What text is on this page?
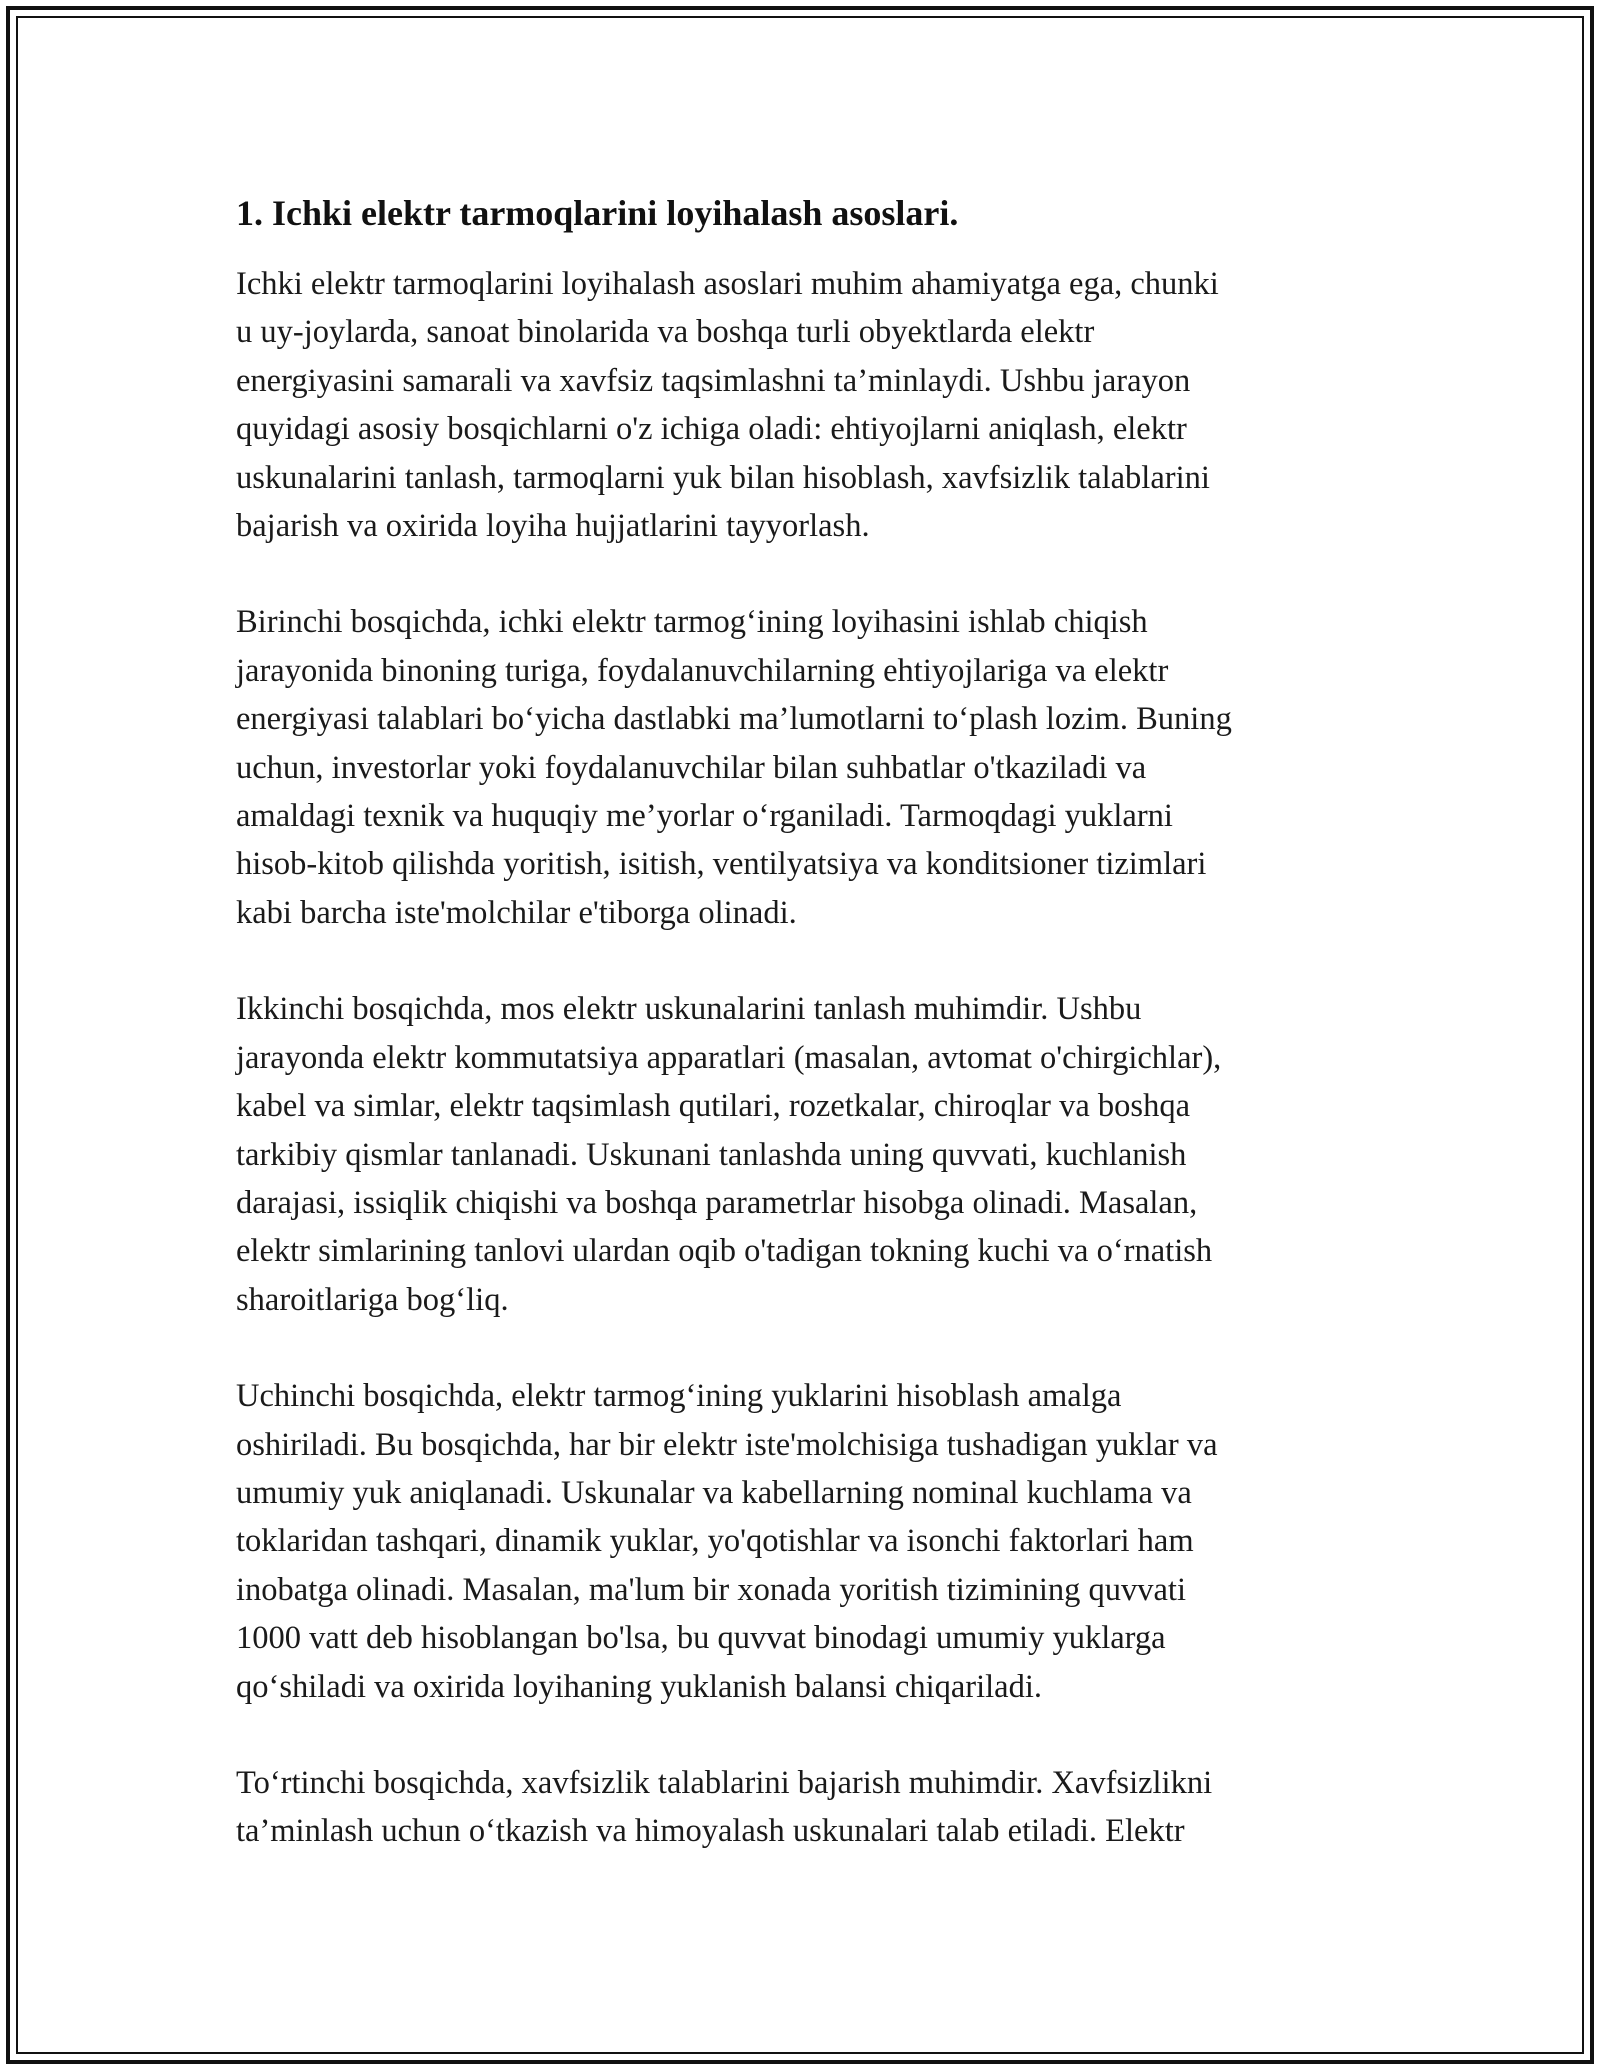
1. Ichki elektr tarmoqlarini loyihalash asoslari.

Ichki elektr tarmoqlarini loyihalash asoslari muhim ahamiyatga ega, chunki
u uy-joylarda, sanoat binolarida va boshqa turli obyektlarda elektr
energiyasini samarali va xavfsiz taqsimlashni ta’minlaydi. Ushbu jarayon
quyidagi asosiy bosqichlarni o'z ichiga oladi: ehtiyojlarni aniqlash, elektr
uskunalarini tanlash, tarmoqlarni yuk bilan hisoblash, xavfsizlik talablarini
bajarish va oxirida loyiha hujjatlarini tayyorlash.

Birinchi bosqichda, ichki elektr tarmog‘ining loyihasini ishlab chiqish
jarayonida binoning turiga, foydalanuvchilarning ehtiyojlariga va elektr
energiyasi talablari bo‘yicha dastlabki ma’lumotlarni to‘plash lozim. Buning
uchun, investorlar yoki foydalanuvchilar bilan suhbatlar o'tkaziladi va
amaldagi texnik va huquqiy me’yorlar o‘rganiladi. Tarmoqdagi yuklarni
hisob-kitob qilishda yoritish, isitish, ventilyatsiya va konditsioner tizimlari
kabi barcha iste'molchilar e'tiborga olinadi.

Ikkinchi bosqichda, mos elektr uskunalarini tanlash muhimdir. Ushbu
jarayonda elektr kommutatsiya apparatlari (masalan, avtomat o'chirgichlar),
kabel va simlar, elektr taqsimlash qutilari, rozetkalar, chiroqlar va boshqa
tarkibiy qismlar tanlanadi. Uskunani tanlashda uning quvvati, kuchlanish
darajasi, issiqlik chiqishi va boshqa parametrlar hisobga olinadi. Masalan,
elektr simlarining tanlovi ulardan oqib o'tadigan tokning kuchi va o‘rnatish
sharoitlariga bog‘liq.

Uchinchi bosqichda, elektr tarmog‘ining yuklarini hisoblash amalga
oshiriladi. Bu bosqichda, har bir elektr iste'molchisiga tushadigan yuklar va
umumiy yuk aniqlanadi. Uskunalar va kabellarning nominal kuchlama va
toklaridan tashqari, dinamik yuklar, yo'qotishlar va isonchi faktorlari ham
inobatga olinadi. Masalan, ma'lum bir xonada yoritish tizimining quvvati
1000 vatt deb hisoblangan bo'lsa, bu quvvat binodagi umumiy yuklarga
qo‘shiladi va oxirida loyihaning yuklanish balansi chiqariladi.

To‘rtinchi bosqichda, xavfsizlik talablarini bajarish muhimdir. Xavfsizlikni
ta’minlash uchun o‘tkazish va himoyalash uskunalari talab etiladi. Elektr
